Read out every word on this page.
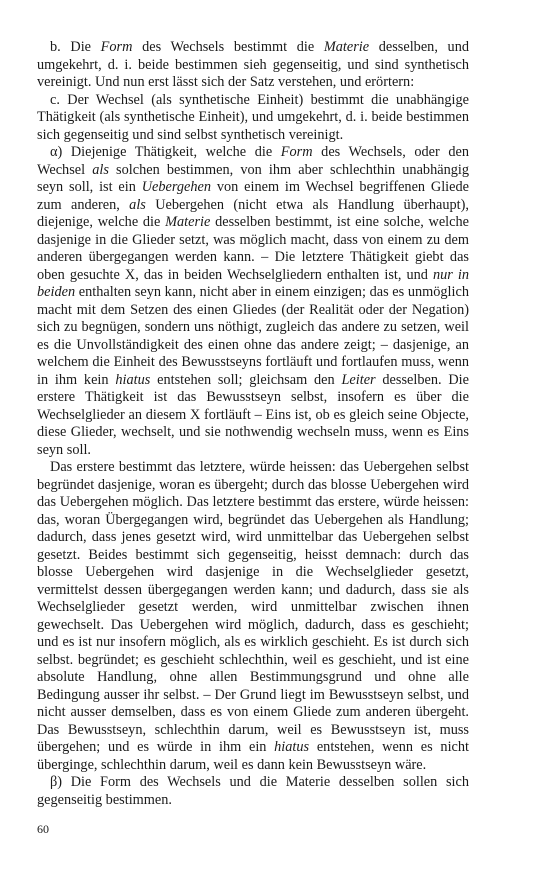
b. Die Form des Wechsels bestimmt die Materie desselben, und umgekehrt, d. i. beide bestimmen sieh gegenseitig, und sind synthetisch vereinigt. Und nun erst lässt sich der Satz verstehen, und erörtern:

c. Der Wechsel (als synthetische Einheit) bestimmt die unabhängige Thätigkeit (als synthetische Einheit), und umgekehrt, d. i. beide bestimmen sich gegenseitig und sind selbst synthetisch vereinigt.

α) Diejenige Thätigkeit, welche die Form des Wechsels, oder den Wechsel als solchen bestimmen, von ihm aber schlechthin unabhängig seyn soll, ist ein Uebergehen von einem im Wechsel begriffenen Gliede zum anderen, als Uebergehen (nicht etwa als Handlung überhaupt), diejenige, welche die Materie desselben bestimmt, ist eine solche, welche dasjenige in die Glieder setzt, was möglich macht, dass von einem zu dem anderen übergegangen werden kann. – Die letztere Thätigkeit giebt das oben gesuchte X, das in beiden Wechselgliedern enthalten ist, und nur in beiden enthalten seyn kann, nicht aber in einem einzigen; das es unmöglich macht mit dem Setzen des einen Gliedes (der Realität oder der Negation) sich zu begnügen, sondern uns nöthigt, zugleich das andere zu setzen, weil es die Unvollständigkeit des einen ohne das andere zeigt; – dasjenige, an welchem die Einheit des Bewusstseyns fortläuft und fortlaufen muss, wenn in ihm kein hiatus entstehen soll; gleichsam den Leiter desselben. Die erstere Thätigkeit ist das Bewusstseyn selbst, insofern es über die Wechselglieder an diesem X fortläuft – Eins ist, ob es gleich seine Objecte, diese Glieder, wechselt, und sie nothwendig wechseln muss, wenn es Eins seyn soll.

Das erstere bestimmt das letztere, würde heissen: das Uebergehen selbst begründet dasjenige, woran es übergeht; durch das blosse Uebergehen wird das Uebergehen möglich. Das letztere bestimmt das erstere, würde heissen: das, woran Übergegangen wird, begründet das Uebergehen als Handlung; dadurch, dass jenes gesetzt wird, wird unmittelbar das Uebergehen selbst gesetzt. Beides bestimmt sich gegenseitig, heisst demnach: durch das blosse Uebergehen wird dasjenige in die Wechselglieder gesetzt, vermittelst dessen übergegangen werden kann; und dadurch, dass sie als Wechselglieder gesetzt werden, wird unmittelbar zwischen ihnen gewechselt. Das Uebergehen wird möglich, dadurch, dass es geschieht; und es ist nur insofern möglich, als es wirklich geschieht. Es ist durch sich selbst. begründet; es geschieht schlechthin, weil es geschieht, und ist eine absolute Handlung, ohne allen Bestimmungsgrund und ohne alle Bedingung ausser ihr selbst. – Der Grund liegt im Bewusstseyn selbst, und nicht ausser demselben, dass es von einem Gliede zum anderen übergeht. Das Bewusstseyn, schlechthin darum, weil es Bewusstseyn ist, muss übergehen; und es würde in ihm ein hiatus entstehen, wenn es nicht überginge, schlechthin darum, weil es dann kein Bewusstseyn wäre.

β) Die Form des Wechsels und die Materie desselben sollen sich gegenseitig bestimmen.

60
